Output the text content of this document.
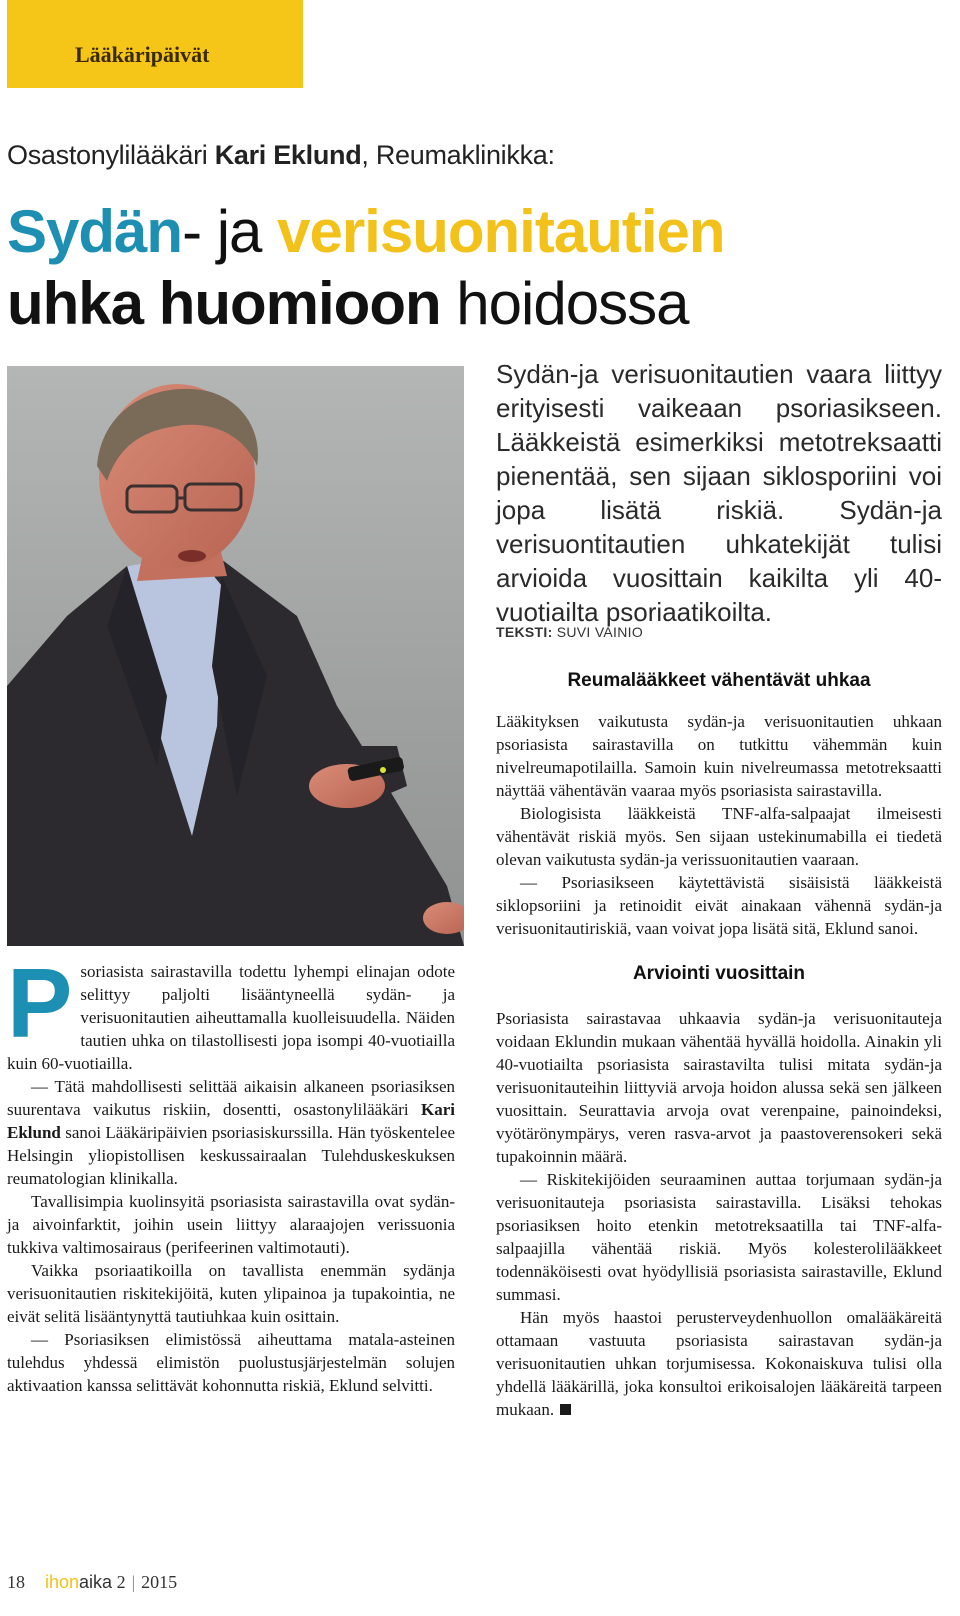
Lääkäripäivät
Osastonylilääkäri Kari Eklund, Reumaklinikka:
Sydän- ja verisuonitautien
uhka huomioon hoidossa

Sydän-ja verisuonitautien vaara liittyy erityisesti vaikeaan psoriasikseen. Lääkkeistä esimerkiksi metotreksaatti pienentää, sen sijaan siklosporiini voi jopa lisätä riskiä. Sydän-ja verisuontitautien uhkatekijät tulisi arvioida vuosittain kaikilta yli 40-vuotiailta psoriaatikoilta.

TEKSTI: SUVI VAINIO
Reumalääkkeet vähentävät uhkaa

Lääkityksen vaikutusta sydän-ja verisuonitautien uhkaan psoriasista sairastavilla on tutkittu vähemmän kuin nivelreumapotilailla. Samoin kuin nivelreumassa metotreksaatti näyttää vähentävän vaaraa myös psoriasista sairastavilla.

Biologisista lääkkeistä TNF-alfa-salpaajat ilmeisesti vähentävät riskiä myös. Sen sijaan ustekinumabilla ei tiedetä olevan vaikutusta sydän-ja verissuonitautien vaaraan.

— Psoriasikseen käytettävistä sisäisistä lääkkeistä siklopsoriini ja retinoidit eivät ainakaan vähennä sydän-ja verisuonitautiriskiä, vaan voivat jopa lisätä sitä, Eklund sanoi.

Arviointi vuosittain

Psoriasista sairastavaa uhkaavia sydän-ja verisuonitauteja voidaan Eklundin mukaan vähentää hyvällä hoidolla. Ainakin yli 40-vuotiailta psoriasista sairastavilta tulisi mitata sydän-ja verisuonitauteihin liittyviä arvoja hoidon alussa sekä sen jälkeen vuosittain. Seurattavia arvoja ovat verenpaine, painoindeksi, vyötärönympärys, veren rasva-arvot ja paastoverensokeri sekä tupakoinnin määrä.

— Riskitekijöiden seuraaminen auttaa torjumaan sydän-ja verisuonitauteja psoriasista sairastavilla. Lisäksi tehokas psoriasiksen hoito etenkin metotreksaatilla tai TNF-alfa-salpaajilla vähentää riskiä. Myös kolesterolilääkkeet todennäköisesti ovat hyödyllisiä psoriasista sairastaville, Eklund summasi.

Hän myös haastoi perusterveydenhuollon omalääkäreitä ottamaan vastuuta psoriasista sairastavan sydän-ja verisuonitautien uhkan torjumisessa. Kokonaiskuva tulisi olla yhdellä lääkärillä, joka konsultoi erikoisalojen lääkäreitä tarpeen mukaan.

Psoriasista sairastavilla todettu lyhempi elinajan odote selittyy paljolti lisääntyneellä sydän- ja verisuonitautien aiheuttamalla kuolleisuudella. Näiden tautien uhka on tilastollisesti jopa isompi 40-vuotiailla kuin 60-vuotiailla.

— Tätä mahdollisesti selittää aikaisin alkaneen psoriasiksen suurentava vaikutus riskiin, dosentti, osastonylilääkäri Kari Eklund sanoi Lääkäripäivien psoriasiskurssilla. Hän työskentelee Helsingin yliopistollisen keskussairaalan Tulehduskeskuksen reumatologian klinikalla.

Tavallisimpia kuolinsyitä psoriasista sairastavilla ovat sydän- ja aivoinfarktit, joihin usein liittyy alaraajojen verissuonia tukkiva valtimosairaus (perifeerinen valtimotauti).

Vaikka psoriaatikoilla on tavallista enemmän sydänja verisuonitautien riskitekijöitä, kuten ylipainoa ja tupakointia, ne eivät selitä lisääntynyttä tautiuhkaa kuin osittain.

— Psoriasiksen elimistössä aiheuttama matala-asteinen tulehdus yhdessä elimistön puolustusjärjestelmän solujen aktivaation kanssa selittävät kohonnutta riskiä, Eklund selvitti.

18 ihonaika 2 | 2015
